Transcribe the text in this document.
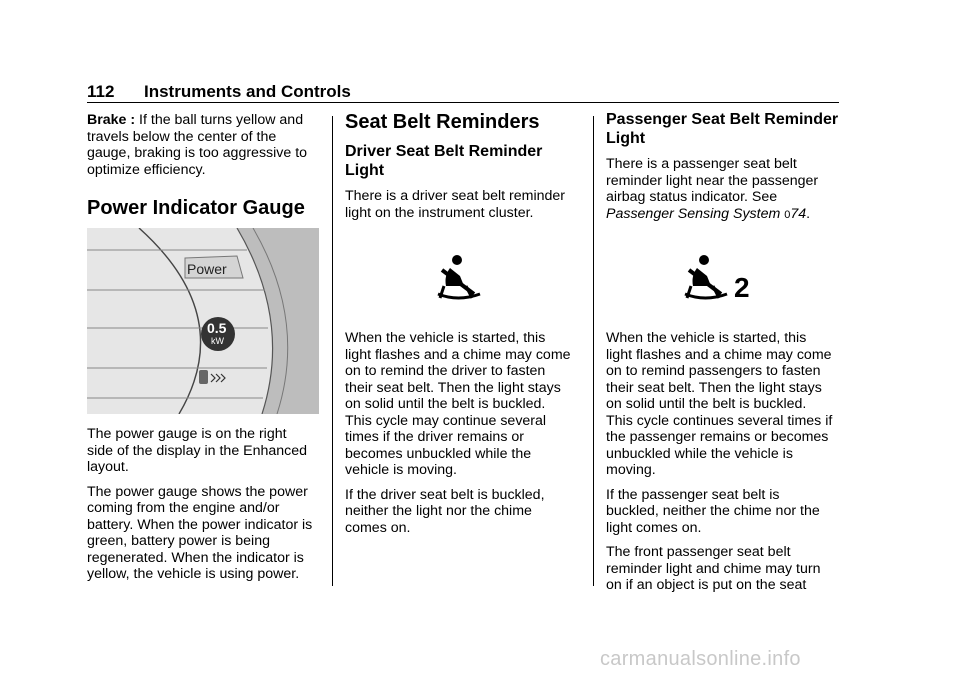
112 Instruments and Controls

Brake : If the ball turns yellow and
travels below the center of the
gauge, braking is too aggressive to
optimize efficiency.

Power Indicator Gauge
Power
0.5
kW

The power gauge is on the right
side of the display in the Enhanced
layout.

The power gauge shows the power
coming from the engine and/or
battery. When the power indicator is
green, battery power is being
regenerated. When the indicator is
yellow, the vehicle is using power.

Seat Belt Reminders
Driver Seat Belt Reminder
Light

There is a driver seat belt reminder
light on the instrument cluster.

When the vehicle is started, this
light flashes and a chime may come
on to remind the driver to fasten
their seat belt. Then the light stays
on solid until the belt is buckled.
This cycle may continue several
times if the driver remains or
becomes unbuckled while the
vehicle is moving.

If the driver seat belt is buckled,
neither the light nor the chime
comes on.

Passenger Seat Belt Reminder
Light

There is a passenger seat belt
reminder light near the passenger
airbag status indicator. See
Passenger Sensing System 074.

2

When the vehicle is started, this
light flashes and a chime may come
on to remind passengers to fasten
their seat belt. Then the light stays
on solid until the belt is buckled.
This cycle continues several times if
the passenger remains or becomes
unbuckled while the vehicle is
moving.

If the passenger seat belt is
buckled, neither the chime nor the
light comes on.

The front passenger seat belt
reminder light and chime may turn
on if an object is put on the seat

carmanualsonline.info
